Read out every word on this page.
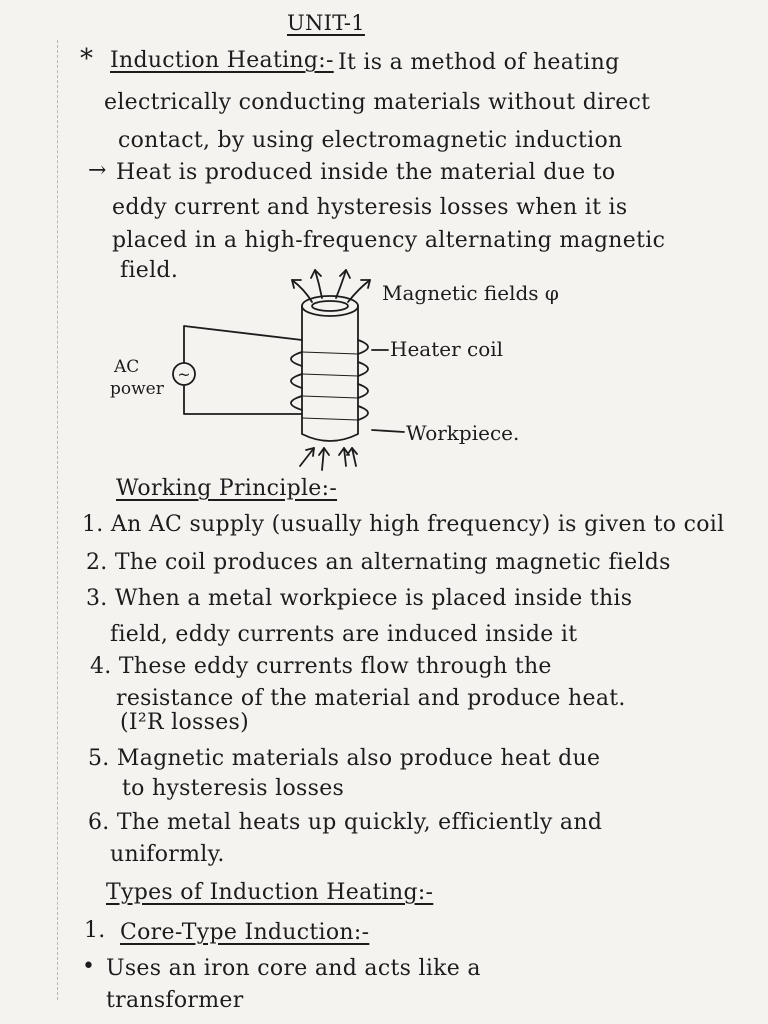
UNIT-1
* Induction Heating:- It is a method of heating
electrically conducting materials without direct
contact, by using electromagnetic induction
→ Heat is produced inside the material due to
eddy current and hysteresis losses when it is
placed in a high-frequency alternating magnetic
field.
~
Magnetic fields φ
Heater coil
Workpiece.
AC
power
Working Principle:-
1. An AC supply (usually high frequency) is given to coil
2. The coil produces an alternating magnetic fields
3. When a metal workpiece is placed inside this
field, eddy currents are induced inside it
4. These eddy currents flow through the
resistance of the material and produce heat.
(I²R losses)
5. Magnetic materials also produce heat due
to hysteresis losses
6. The metal heats up quickly, efficiently and
uniformly.
Types of Induction Heating:-
1. Core-Type Induction:-
• Uses an iron core and acts like a
transformer
